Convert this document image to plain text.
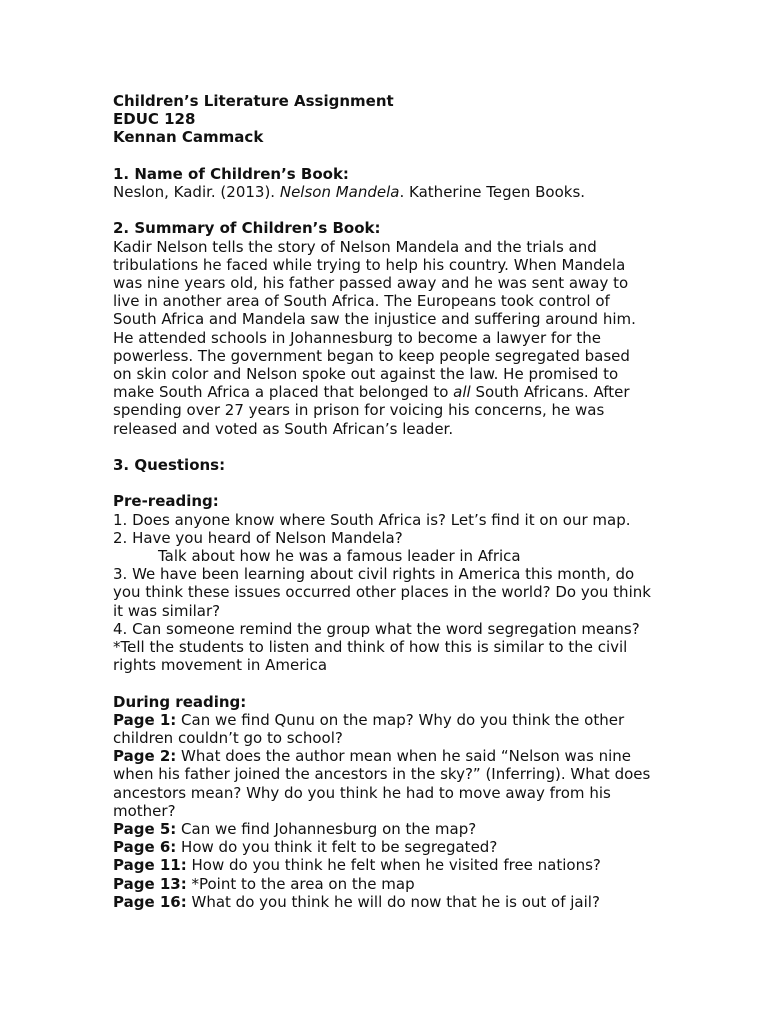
Children’s Literature Assignment
EDUC 128
Kennan Cammack
1. Name of Children’s Book:
Neslon, Kadir. (2013). Nelson Mandela. Katherine Tegen Books.
2. Summary of Children’s Book:
Kadir Nelson tells the story of Nelson Mandela and the trials and
tribulations he faced while trying to help his country. When Mandela
was nine years old, his father passed away and he was sent away to
live in another area of South Africa. The Europeans took control of
South Africa and Mandela saw the injustice and suffering around him.
He attended schools in Johannesburg to become a lawyer for the
powerless. The government began to keep people segregated based
on skin color and Nelson spoke out against the law. He promised to
make South Africa a placed that belonged to all South Africans. After
spending over 27 years in prison for voicing his concerns, he was
released and voted as South African’s leader.
3. Questions:
Pre-reading:
1. Does anyone know where South Africa is? Let’s find it on our map.
2. Have you heard of Nelson Mandela?
Talk about how he was a famous leader in Africa
3. We have been learning about civil rights in America this month, do
you think these issues occurred other places in the world? Do you think
it was similar?
4. Can someone remind the group what the word segregation means?
*Tell the students to listen and think of how this is similar to the civil
rights movement in America
During reading:
Page 1: Can we find Qunu on the map? Why do you think the other
children couldn’t go to school?
Page 2: What does the author mean when he said “Nelson was nine
when his father joined the ancestors in the sky?” (Inferring). What does
ancestors mean? Why do you think he had to move away from his
mother?
Page 5: Can we find Johannesburg on the map?
Page 6: How do you think it felt to be segregated?
Page 11: How do you think he felt when he visited free nations?
Page 13: *Point to the area on the map
Page 16: What do you think he will do now that he is out of jail?
